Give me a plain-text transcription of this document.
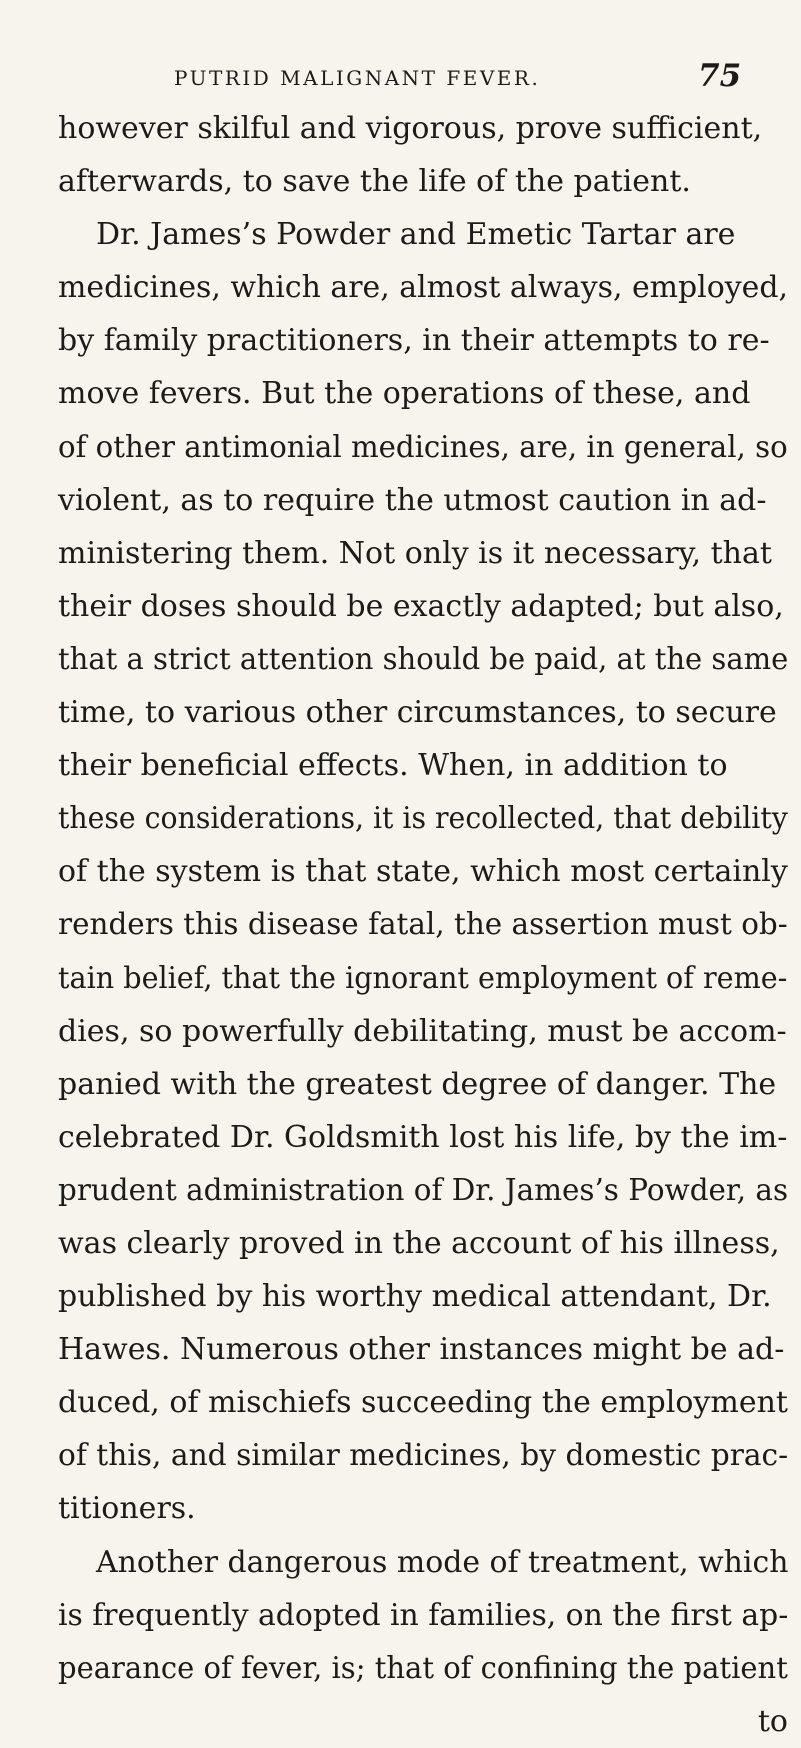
PUTRID MALIGNANT FEVER.	75
however skilful and vigorous, prove sufficient,
afterwards, to save the life of the patient.
Dr. James’s Powder and Emetic Tartar are
medicines, which are, almost always, employed,
by family practitioners, in their attempts to re-
move fevers. But the operations of these, and
of other antimonial medicines, are, in general, so
violent, as to require the utmost caution in ad-
ministering them. Not only is it necessary, that
their doses should be exactly adapted; but also,
that a strict attention should be paid, at the same
time, to various other circumstances, to secure
their beneficial effects. When, in addition to
these considerations, it is recollected, that debility
of the system is that state, which most certainly
renders this disease fatal, the assertion must ob-
tain belief, that the ignorant employment of reme-
dies, so powerfully debilitating, must be accom-
panied with the greatest degree of danger. The
celebrated Dr. Goldsmith lost his life, by the im-
prudent administration of Dr. James’s Powder, as
was clearly proved in the account of his illness,
published by his worthy medical attendant, Dr.
Hawes. Numerous other instances might be ad-
duced, of mischiefs succeeding the employment
of this, and similar medicines, by domestic prac-
titioners.
Another dangerous mode of treatment, which
is frequently adopted in families, on the first ap-
pearance of fever, is; that of confining the patient
to
